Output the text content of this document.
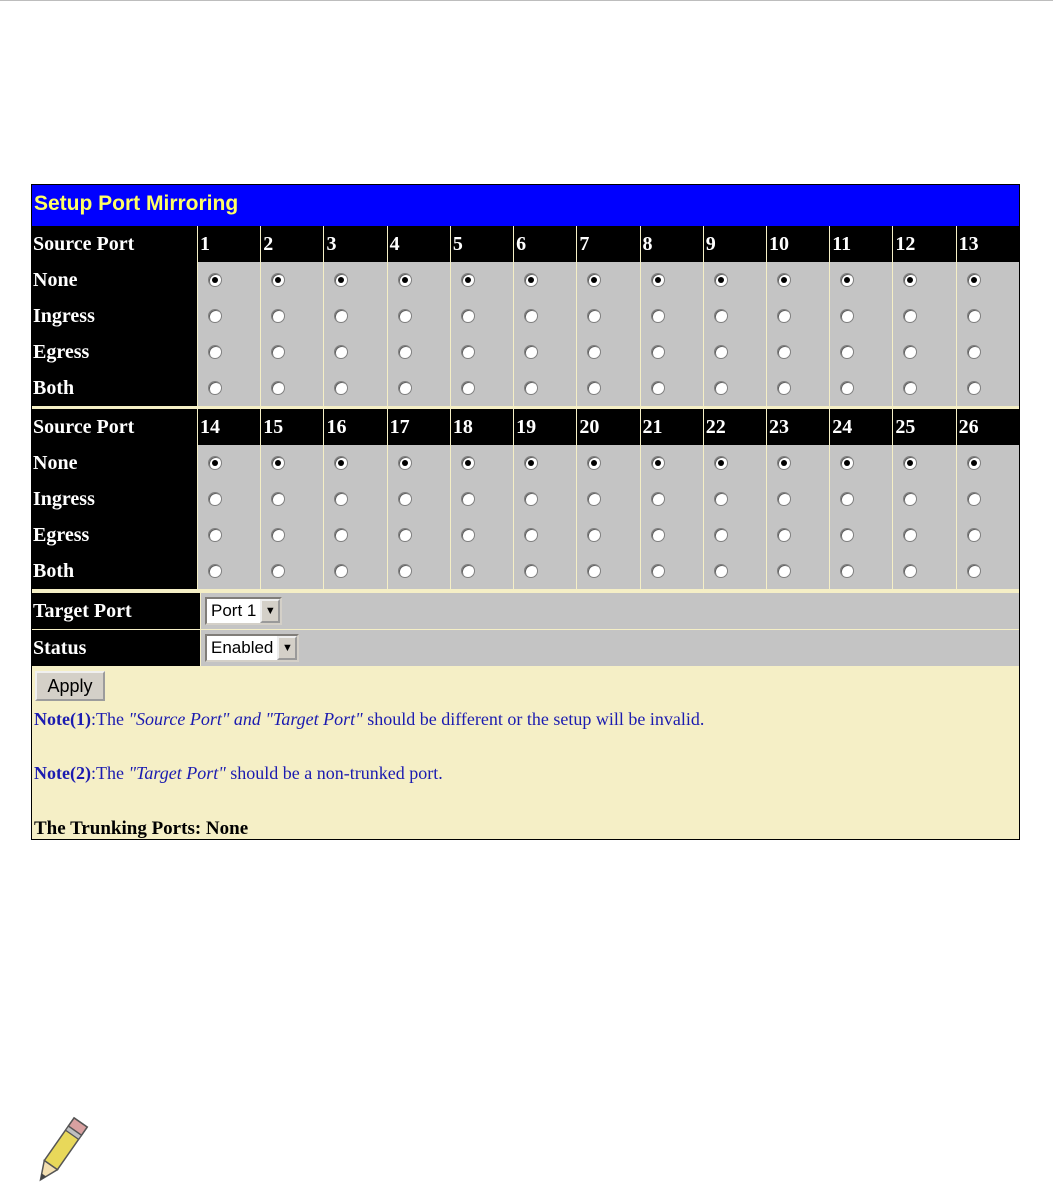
Setup Port Mirroring
Source Port	1	2	3	4	5	6	7	8	9	10	11	12	13
None													
Ingress													
Egress													
Both													

Source Port	14	15	16	17	18	19	20	21	22	23	24	25	26
None													
Ingress													
Egress													
Both													

Target Port	Port 1 ▼
Status	Enabled ▼
Apply
Note(1):The "Source Port" and "Target Port" should be different or the setup will be invalid.
Note(2):The "Target Port" should be a non-trunked port.
The Trunking Ports: None
